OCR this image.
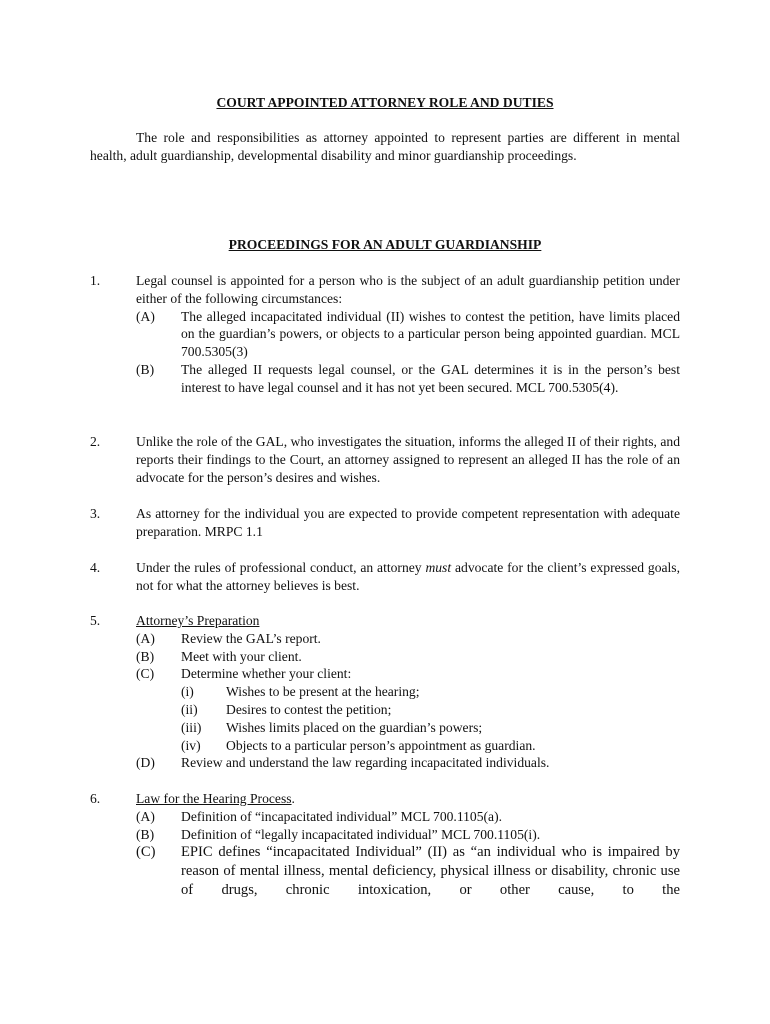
COURT APPOINTED ATTORNEY ROLE AND DUTIES
The role and responsibilities as attorney appointed to represent parties are different in mental health, adult guardianship, developmental disability and minor guardianship proceedings.
PROCEEDINGS FOR AN ADULT GUARDIANSHIP
1.	Legal counsel is appointed for a person who is the subject of an adult guardianship petition under either of the following circumstances:
(A) The alleged incapacitated individual (II) wishes to contest the petition, have limits placed on the guardian’s powers, or objects to a particular person being appointed guardian. MCL 700.5305(3)
(B) The alleged II requests legal counsel, or the GAL determines it is in the person’s best interest to have legal counsel and it has not yet been secured. MCL 700.5305(4).
2.	Unlike the role of the GAL, who investigates the situation, informs the alleged II of their rights, and reports their findings to the Court, an attorney assigned to represent an alleged II has the role of an advocate for the person’s desires and wishes.
3.	As attorney for the individual you are expected to provide competent representation with adequate preparation. MRPC 1.1
4.	Under the rules of professional conduct, an attorney must advocate for the client’s expressed goals, not for what the attorney believes is best.
5.	Attorney’s Preparation
(A) Review the GAL’s report.
(B) Meet with your client.
(C) Determine whether your client:
(i) Wishes to be present at the hearing;
(ii) Desires to contest the petition;
(iii) Wishes limits placed on the guardian’s powers;
(iv) Objects to a particular person’s appointment as guardian.
(D) Review and understand the law regarding incapacitated individuals.
6.	Law for the Hearing Process.
(A) Definition of “incapacitated individual” MCL 700.1105(a).
(B) Definition of “legally incapacitated individual” MCL 700.1105(i).
(C) EPIC defines “incapacitated Individual” (II) as “an individual who is impaired by reason of mental illness, mental deficiency, physical illness or disability, chronic use of drugs, chronic intoxication, or other cause, to the
